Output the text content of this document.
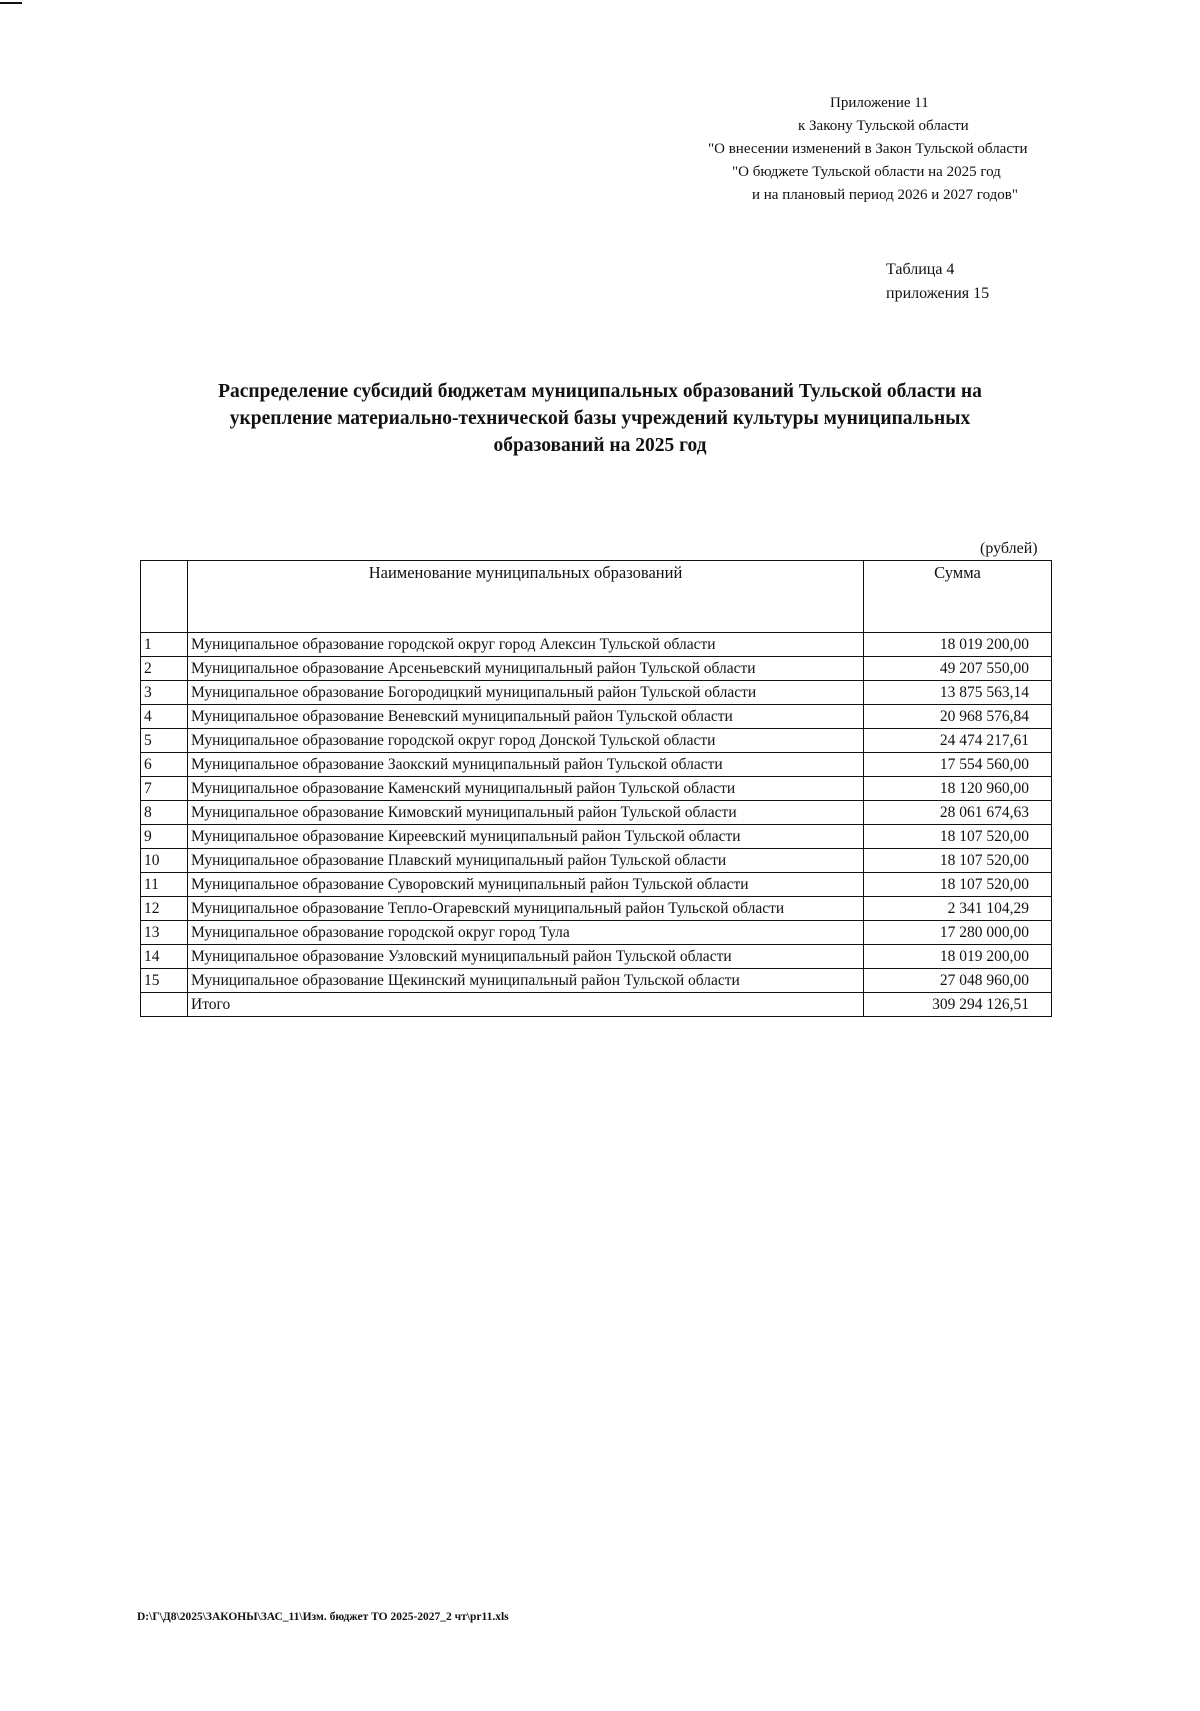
Приложение 11
к Закону Тульской области
"О внесении изменений в Закон Тульской области
"О бюджете Тульской области на 2025 год
и на плановый период 2026 и 2027 годов"
Таблица 4
приложения 15
Распределение субсидий бюджетам муниципальных образований Тульской области на
укрепление материально-технической базы учреждений культуры муниципальных
образований на 2025 год
(рублей)
	Наименование муниципальных образований	Сумма
1	Муниципальное образование городской округ город Алексин Тульской области	18 019 200,00
2	Муниципальное образование Арсеньевский муниципальный район Тульской области	49 207 550,00
3	Муниципальное образование Богородицкий муниципальный район Тульской области	13 875 563,14
4	Муниципальное образование Веневский муниципальный район Тульской области	20 968 576,84
5	Муниципальное образование городской округ город Донской Тульской области	24 474 217,61
6	Муниципальное образование Заокский муниципальный район Тульской области	17 554 560,00
7	Муниципальное образование Каменский муниципальный район Тульской области	18 120 960,00
8	Муниципальное образование Кимовский муниципальный район Тульской области	28 061 674,63
9	Муниципальное образование Киреевский муниципальный район Тульской области	18 107 520,00
10	Муниципальное образование Плавский муниципальный район Тульской области	18 107 520,00
11	Муниципальное образование Суворовский муниципальный район Тульской области	18 107 520,00
12	Муниципальное образование Тепло-Огаревский муниципальный район Тульской области	2 341 104,29
13	Муниципальное образование городской округ город Тула	17 280 000,00
14	Муниципальное образование Узловский муниципальный район Тульской области	18 019 200,00
15	Муниципальное образование Щекинский муниципальный район Тульской области	27 048 960,00
	Итого	309 294 126,51
D:\Г\Д8\2025\ЗАКОНЫ\ЗАС_11\Изм. бюджет ТО 2025-2027_2 чт\pr11.xls
